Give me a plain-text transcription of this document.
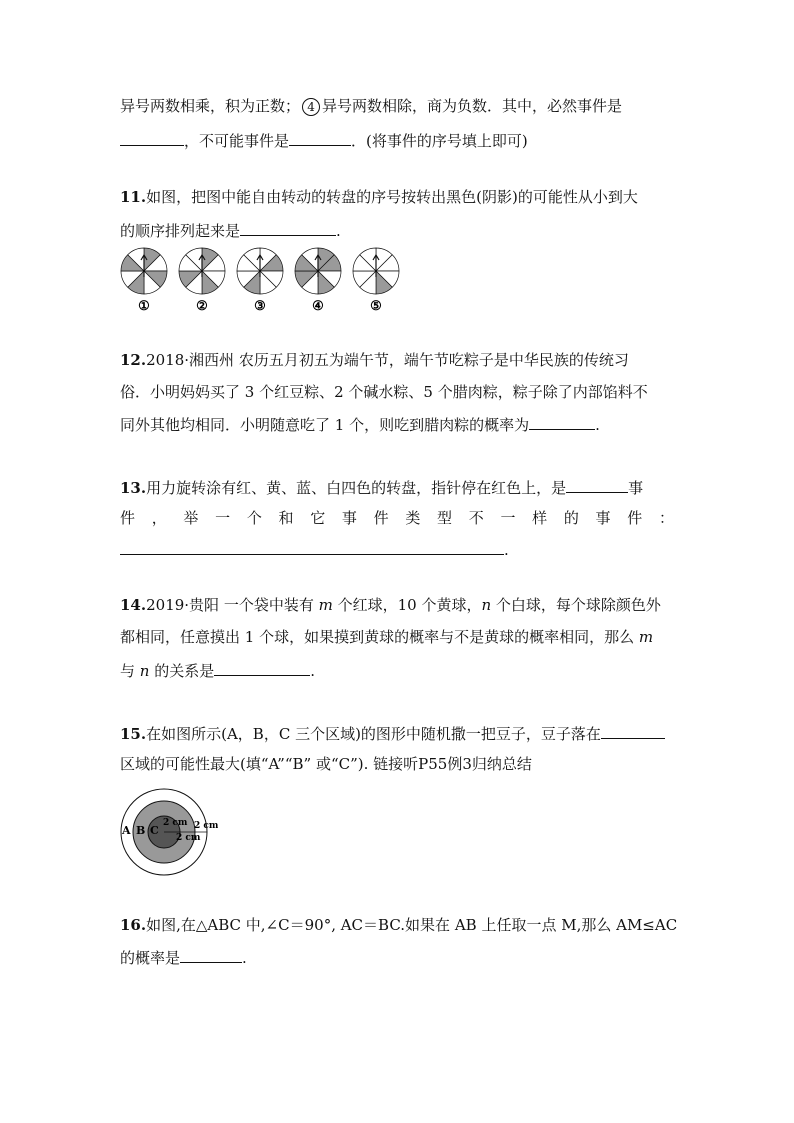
异号两数相乘，积为正数； 4 异号两数相除，商为负数．其中，必然事件是
，不可能事件是	．(将事件的序号填上即可)
11.如图，把图中能自由转动的转盘的序号按转出黑色(阴影)的可能性从小到大
的顺序排列起来是	.
①	②	③	④	⑤
12.2018·湘西州 农历五月初五为端午节，端午节吃粽子是中华民族的传统习
俗．小明妈妈买了 3 个红豆粽、2 个碱水粽、5 个腊肉粽，粽子除了内部馅料不
同外其他均相同．小明随意吃了 1 个，则吃到腊肉粽的概率为	.
13.用力旋转涂有红、黄、蓝、白四色的转盘，指针停在红色上，是	事
件 ， 举 一 个 和 它 事 件 类 型 不 一 样 的 事 件 ：
.
14.2019·贵阳 一个袋中装有 m 个红球，10 个黄球，n 个白球，每个球除颜色外
都相同，任意摸出 1 个球，如果摸到黄球的概率与不是黄球的概率相同，那么 m
与 n 的关系是	.
15.在如图所示(A，B，C 三个区域)的图形中随机撒一把豆子，豆子落在
区域的可能性最大(填“A”“B” 或“C”). 链接听P55例3归纳总结
A B C
2 cm 2 cm
2 cm
16.如图,在△ABC 中,∠C＝90°, AC＝BC.如果在 AB 上任取一点 M,那么 AM≤AC
的概率是	.
